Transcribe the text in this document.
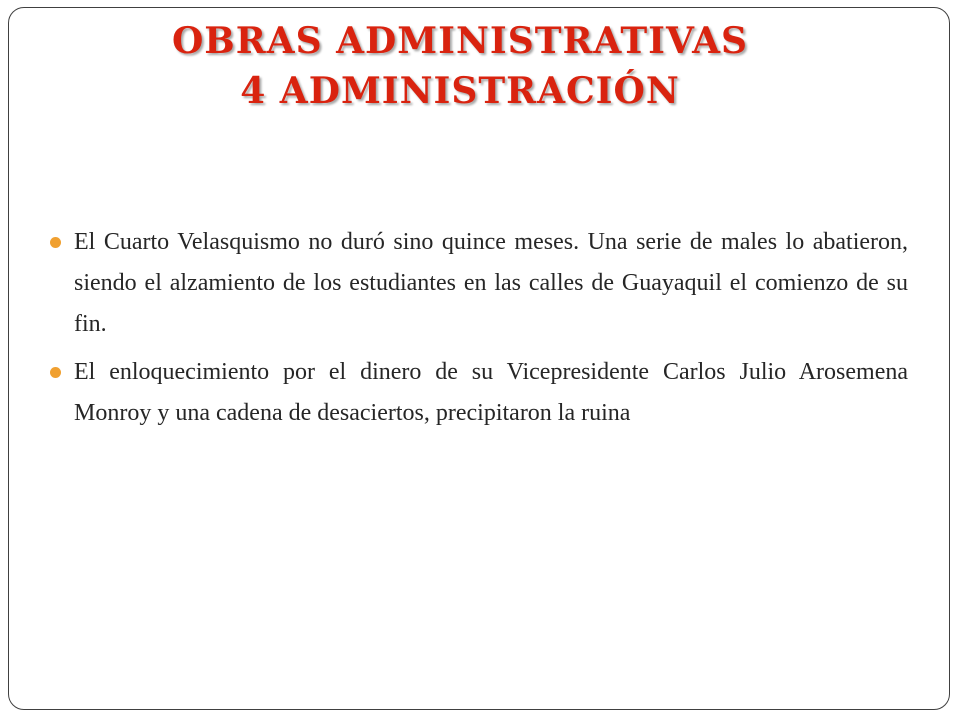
OBRAS ADMINISTRATIVAS
4 ADMINISTRACIÓN
El Cuarto Velasquismo no duró sino quince meses. Una serie de males lo abatieron, siendo el alzamiento de los estudiantes en las calles de Guayaquil el comienzo de su fin.
El enloquecimiento por el dinero de su Vicepresidente Carlos Julio Arosemena Monroy y una cadena de desaciertos, precipitaron la ruina
